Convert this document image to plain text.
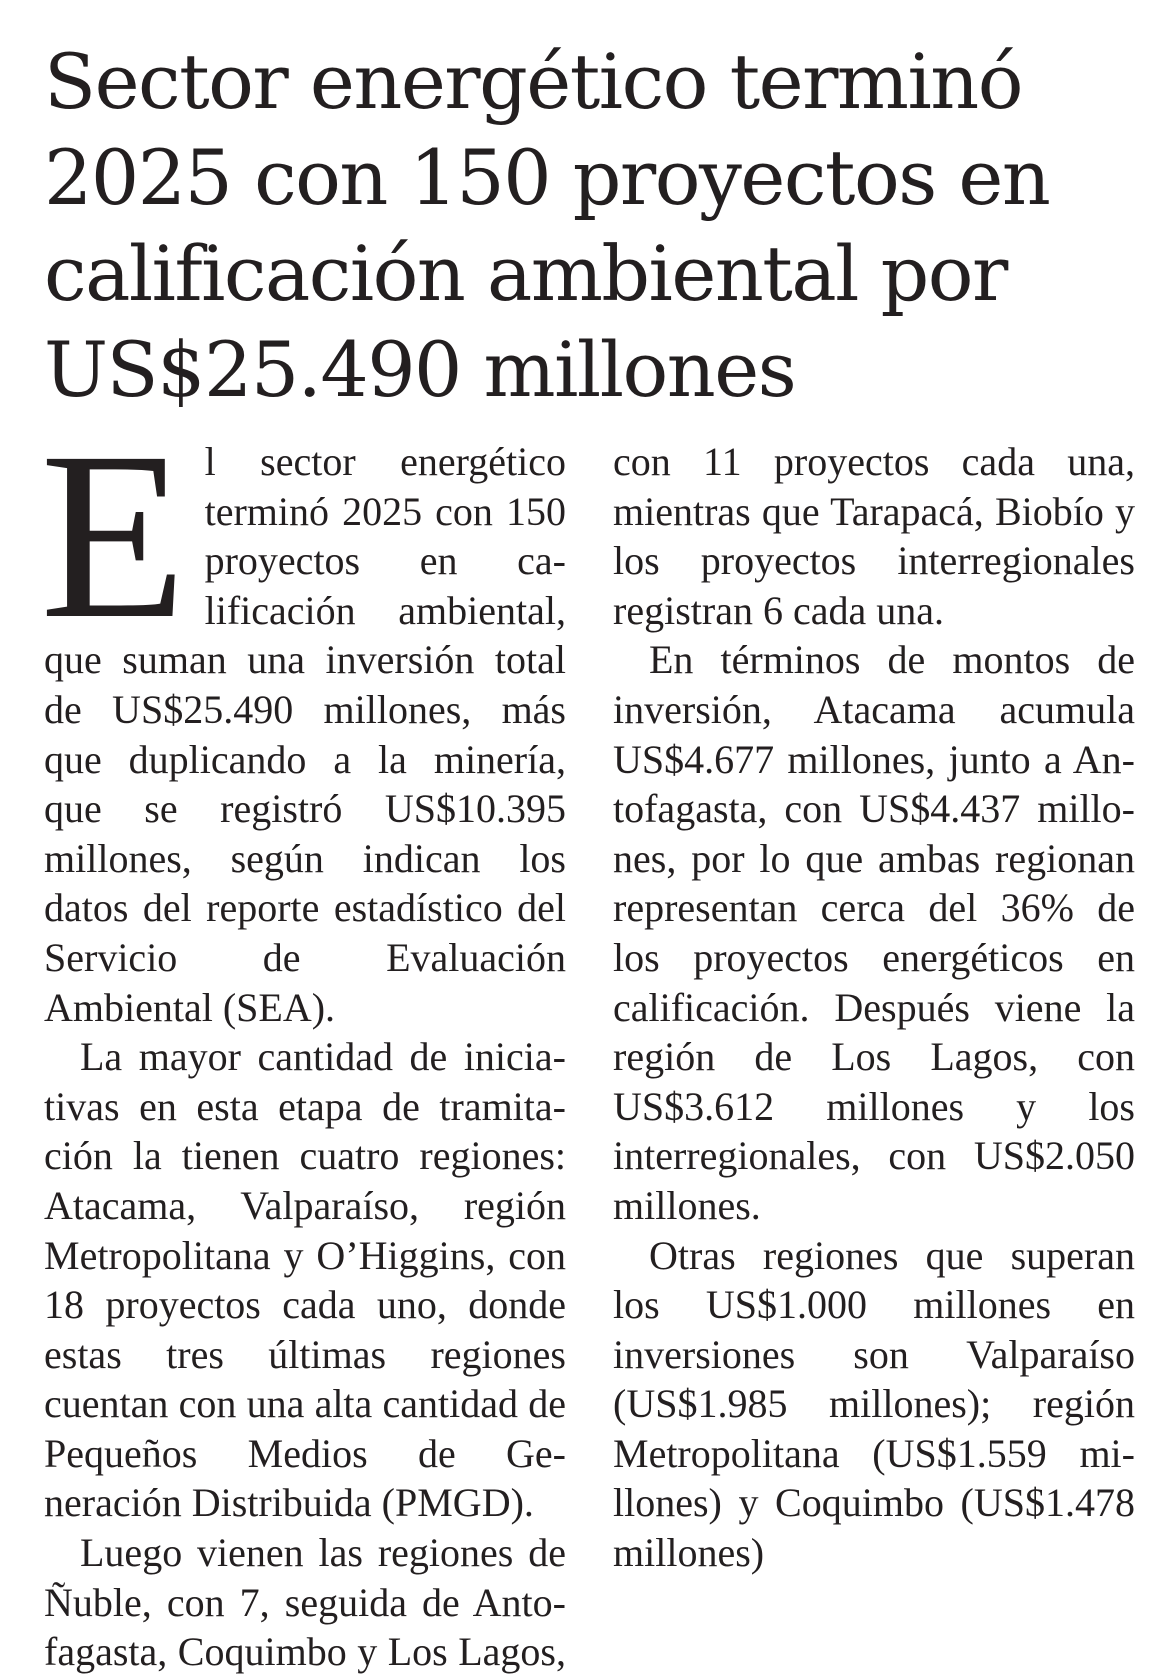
Sector energético terminó 2025 con 150 proyectos en calificación ambiental por US$25.490 millones

El sector energético terminó 2025 con 150 proyectos en calificación ambiental, que suman una inversión total de US$25.490 millones, más que duplicando a la minería, que se registró US$10.395 millones, según indican los datos del reporte estadístico del Servicio de Evaluación Ambiental (SEA).

La mayor cantidad de iniciativas en esta etapa de tramitación la tienen cuatro regiones: Atacama, Valparaíso, región Metropolitana y O’Higgins, con 18 proyectos cada uno, donde estas tres últimas regiones cuentan con una alta cantidad de Pequeños Medios de Generación Distribuida (PMGD).

Luego vienen las regiones de Ñuble, con 7, seguida de Antofagasta, Coquimbo y Los Lagos,

con 11 proyectos cada una, mientras que Tarapacá, Biobío y los proyectos interregionales registran 6 cada una.

En términos de montos de inversión, Atacama acumula US$4.677 millones, junto a Antofagasta, con US$4.437 millones, por lo que ambas regionan representan cerca del 36% de los proyectos energéticos en calificación. Después viene la región de Los Lagos, con US$3.612 millones y los interregionales, con US$2.050 millones.

Otras regiones que superan los US$1.000 millones en inversiones son Valparaíso (US$1.985 millones); región Metropolitana (US$1.559 millones) y Coquimbo (US$1.478 millones)
